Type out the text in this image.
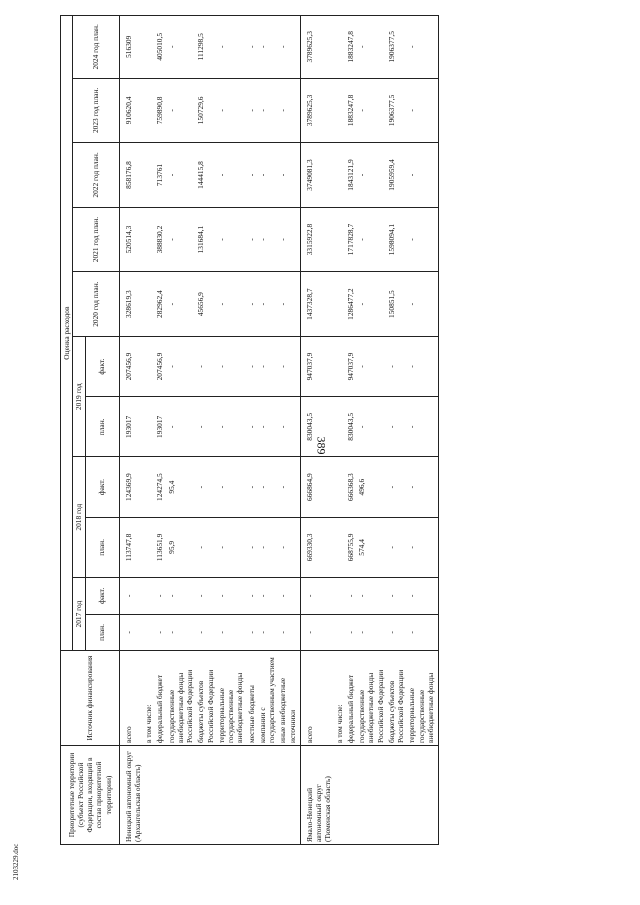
389
2103229.doc
Приоритетные территории (субъект Российской Федерации, входящий в состав приоритетной территории)	Источник финансирования	Оценка расходов										
		2017 год		2018 год		2019 год		2020 год план.	2021 год план.	2022 год план.	2023 год план.	2024 год план.
		план.	факт.	план.	факт.	план.	факт.					
Ненецкий автономный округ (Архангельская область)	всего	-	-	113747,8	124369,9	193017	207456,9	328619,3	520514,3	858176,8	910620,4	516309
	в том числе:											
	федеральный бюджет	-	-	113651,9	124274,5	193017	207456,9	282962,4	388830,2	713761	759890,8	405010,5
	государственные внебюджетные фонды Российской Федерации	-	-	95,9	95,4	-	-	-	-	-	-	-
	бюджеты субъектов Российской Федерации	-	-	-	-	-	-	45656,9	131684,1	144415,8	150729,6	111298,5
	территориальные государственные внебюджетные фонды	-	-	-	-	-	-	-	-	-	-	-
	местные бюджеты	-	-	-	-	-	-	-	-	-	-	-
	компании с государственным участием	-	-	-	-	-	-	-	-	-	-	-
	иные внебюджетные источники	-	-	-	-	-	-	-	-	-	-	-
Ямало-Ненецкий автономный округ (Тюменская область)	всего	-	-	669330,3	666864,9	830043,5	947037,9	1437328,7	3315922,8	3749081,3	3789625,3	3789625,3
	в том числе:											
	федеральный бюджет	-	-	668755,9	666368,3	830043,5	947037,9	1286477,2	1717828,7	1843121,9	1883247,8	1883247,8
	государственные внебюджетные фонды Российской Федерации	-	-	574,4	496,6	-	-	-	-	-	-	-
	бюджеты субъектов Российской Федерации	-	-	-	-	-	-	150851,5	1598094,1	1905959,4	1906377,5	1906377,5
	территориальные государственные внебюджетные фонды	-	-	-	-	-	-	-	-	-	-	-
